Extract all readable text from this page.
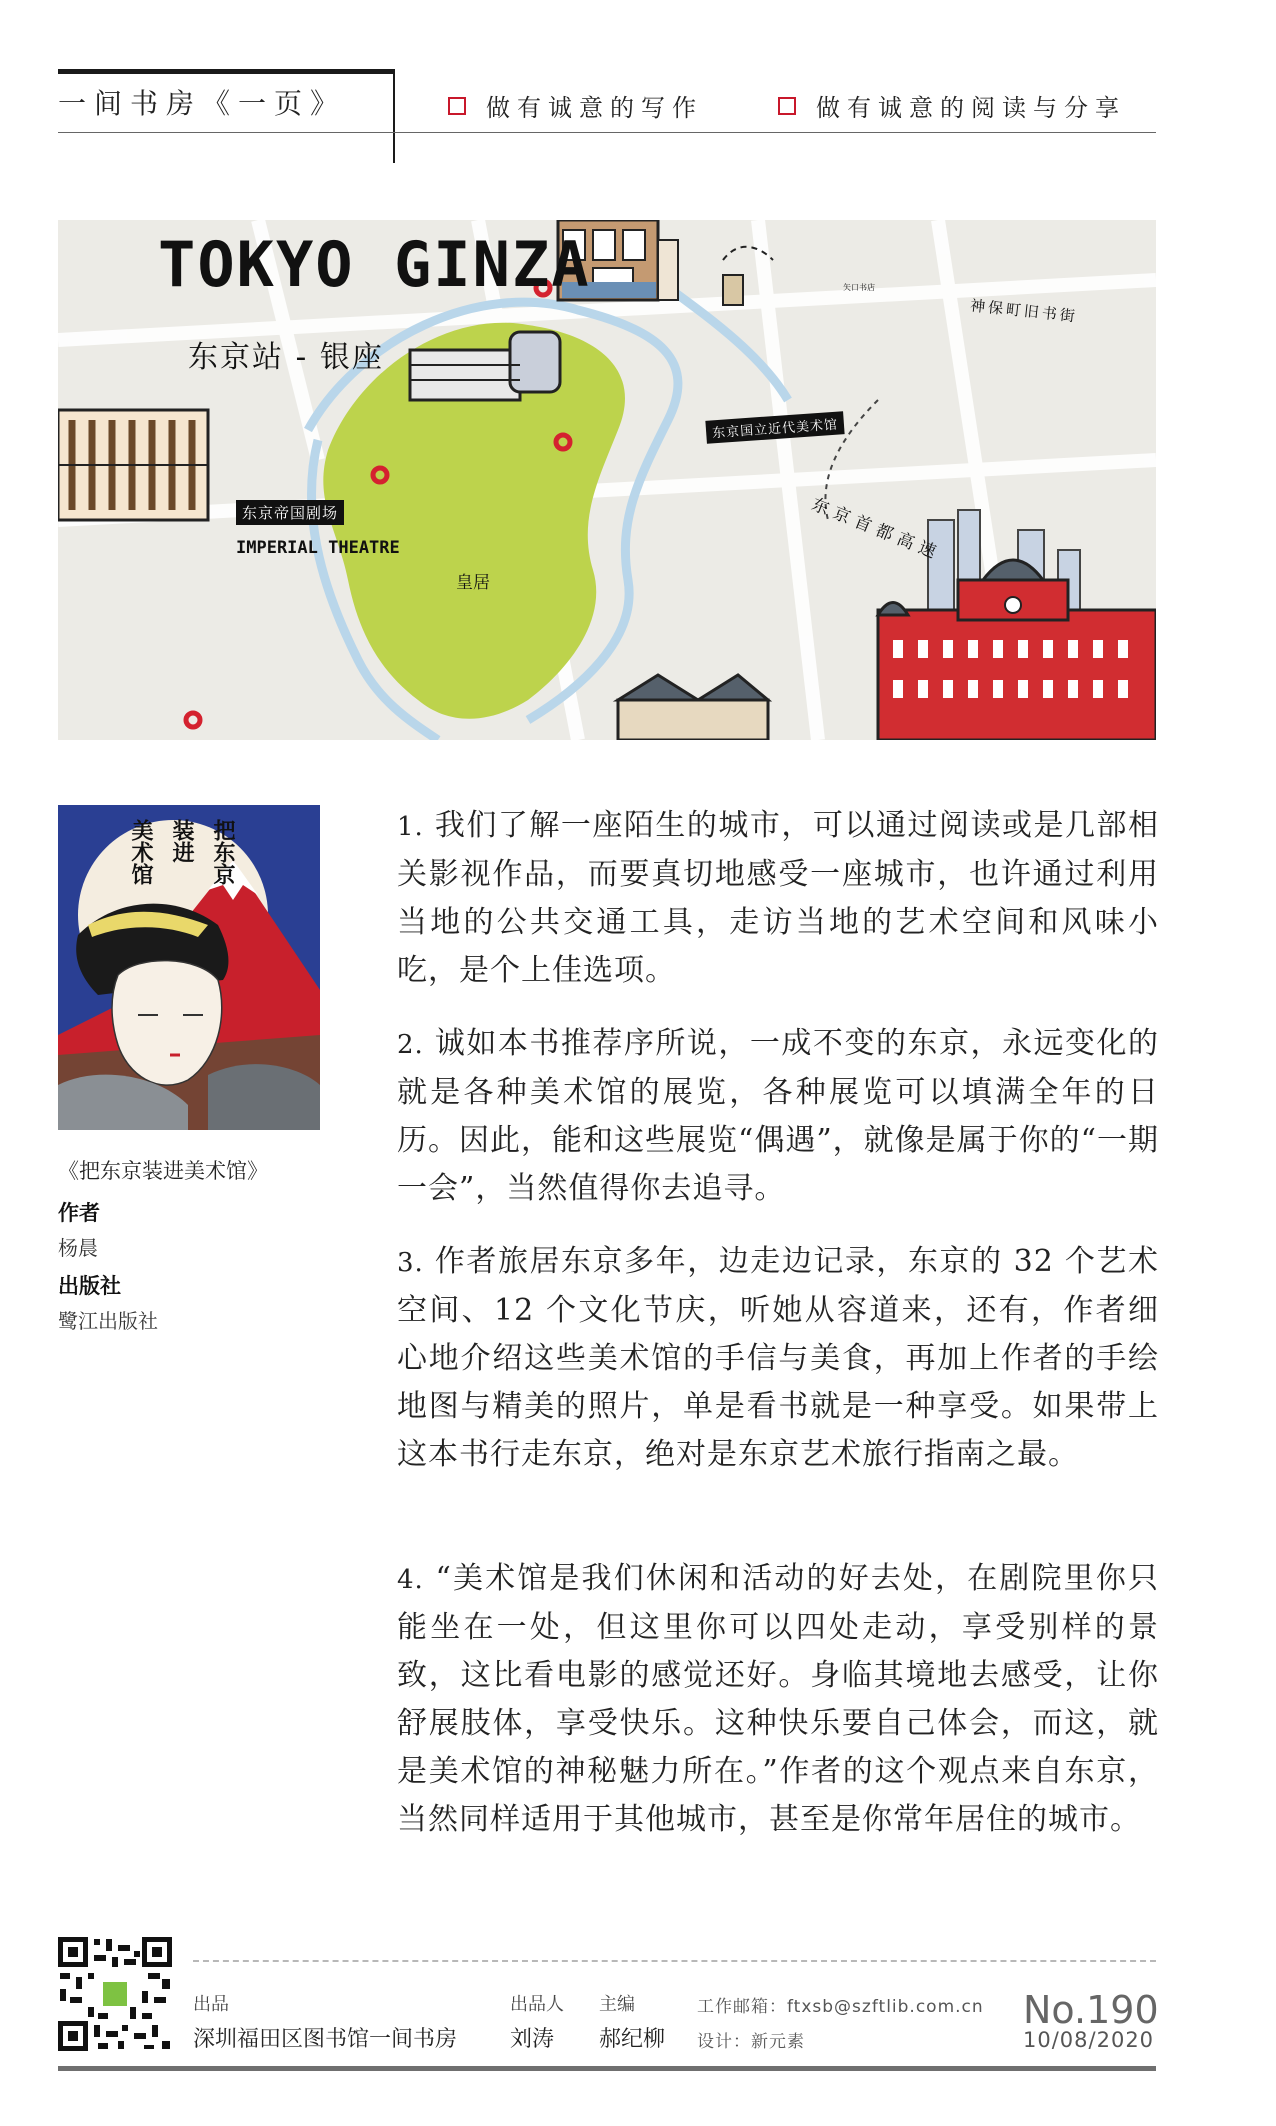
一间书房《一页》	做有诚意的写作	做有诚意的阅读与分享
TOKYO GINZA
东京站 - 银座
神保町旧书街
矢口书店
东京国立近代美术馆
东京首都高速
东京帝国剧场
IMPERIAL THEATRE
皇居
把东京
装进
美术馆
《把东京装进美术馆》
作者
杨晨
出版社
鹭江出版社
1. 我们了解一座陌生的城市，可以通过阅读或是几部相关影视作品，而要真切地感受一座城市，也许通过利用当地的公共交通工具，走访当地的艺术空间和风味小吃，是个上佳选项。
2. 诚如本书推荐序所说，一成不变的东京，永远变化的就是各种美术馆的展览，各种展览可以填满全年的日历。因此，能和这些展览“偶遇”，就像是属于你的“一期一会”，当然值得你去追寻。
3. 作者旅居东京多年，边走边记录，东京的 32 个艺术空间、12 个文化节庆，听她从容道来，还有，作者细心地介绍这些美术馆的手信与美食，再加上作者的手绘地图与精美的照片，单是看书就是一种享受。如果带上这本书行走东京，绝对是东京艺术旅行指南之最。
4. “美术馆是我们休闲和活动的好去处，在剧院里你只能坐在一处，但这里你可以四处走动，享受别样的景致，这比看电影的感觉还好。身临其境地去感受，让你舒展肢体，享受快乐。这种快乐要自己体会，而这，就是美术馆的神秘魅力所在。”作者的这个观点来自东京，当然同样适用于其他城市，甚至是你常年居住的城市。
出品
深圳福田区图书馆一间书房
出品人
刘涛
主编
郝纪柳
工作邮箱：ftxsb@szftlib.com.cn
设计：新元素
No.190
10/08/2020
